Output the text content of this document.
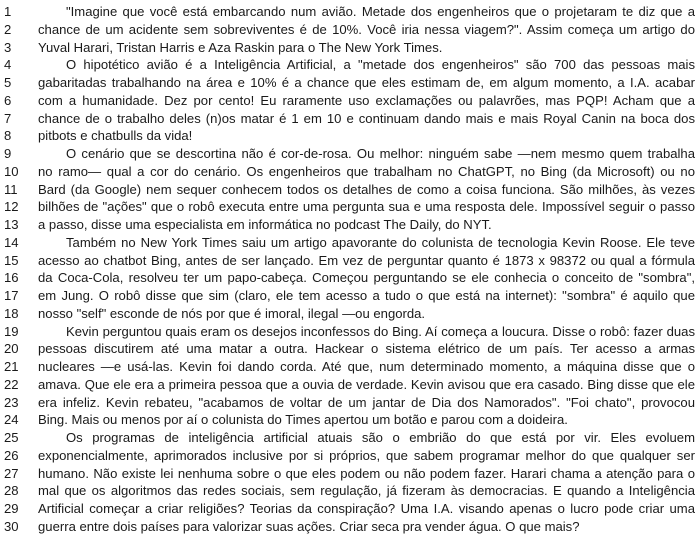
1	"Imagine que você está embarcando num avião. Metade dos engenheiros que o projetaram te diz que a
2	chance de um acidente sem sobreviventes é de 10%. Você iria nessa viagem?". Assim começa um artigo do
3	Yuval Harari, Tristan Harris e Aza Raskin para o The New York Times.
4	O hipotético avião é a Inteligência Artificial, a "metade dos engenheiros" são 700 das pessoas mais
5	gabaritadas trabalhando na área e 10% é a chance que eles estimam de, em algum momento, a I.A. acabar
6	com a humanidade. Dez por cento! Eu raramente uso exclamações ou palavrões, mas PQP! Acham que a
7	chance de o trabalho deles (n)os matar é 1 em 10 e continuam dando mais e mais Royal Canin na boca dos
8	pitbots e chatbulls da vida!
9	O cenário que se descortina não é cor-de-rosa. Ou melhor: ninguém sabe —nem mesmo quem trabalha
10	no ramo— qual a cor do cenário. Os engenheiros que trabalham no ChatGPT, no Bing (da Microsoft) ou no
11	Bard (da Google) nem sequer conhecem todos os detalhes de como a coisa funciona. São milhões, às vezes
12	bilhões de "ações" que o robô executa entre uma pergunta sua e uma resposta dele. Impossível seguir o passo
13	a passo, disse uma especialista em informática no podcast The Daily, do NYT.
14	Também no New York Times saiu um artigo apavorante do colunista de tecnologia Kevin Roose. Ele teve
15	acesso ao chatbot Bing, antes de ser lançado. Em vez de perguntar quanto é 1873 x 98372 ou qual a fórmula
16	da Coca-Cola, resolveu ter um papo-cabeça. Começou perguntando se ele conhecia o conceito de "sombra",
17	em Jung. O robô disse que sim (claro, ele tem acesso a tudo o que está na internet): "sombra" é aquilo que
18	nosso "self" esconde de nós por que é imoral, ilegal —ou engorda.
19	Kevin perguntou quais eram os desejos inconfessos do Bing. Aí começa a loucura. Disse o robô: fazer duas
20	pessoas discutirem até uma matar a outra. Hackear o sistema elétrico de um país. Ter acesso a armas
21	nucleares —e usá-las. Kevin foi dando corda. Até que, num determinado momento, a máquina disse que o
22	amava. Que ele era a primeira pessoa que a ouvia de verdade. Kevin avisou que era casado. Bing disse que ele
23	era infeliz. Kevin rebateu, "acabamos de voltar de um jantar de Dia dos Namorados". "Foi chato", provocou
24	Bing. Mais ou menos por aí o colunista do Times apertou um botão e parou com a doideira.
25	Os programas de inteligência artificial atuais são o embrião do que está por vir. Eles evoluem
26	exponencialmente, aprimorados inclusive por si próprios, que sabem programar melhor do que qualquer ser
27	humano. Não existe lei nenhuma sobre o que eles podem ou não podem fazer. Harari chama a atenção para o
28	mal que os algoritmos das redes sociais, sem regulação, já fizeram às democracias. E quando a Inteligência
29	Artificial começar a criar religiões? Teorias da conspiração? Uma I.A. visando apenas o lucro pode criar uma
30	guerra entre dois países para valorizar suas ações. Criar seca pra vender água. O que mais?
